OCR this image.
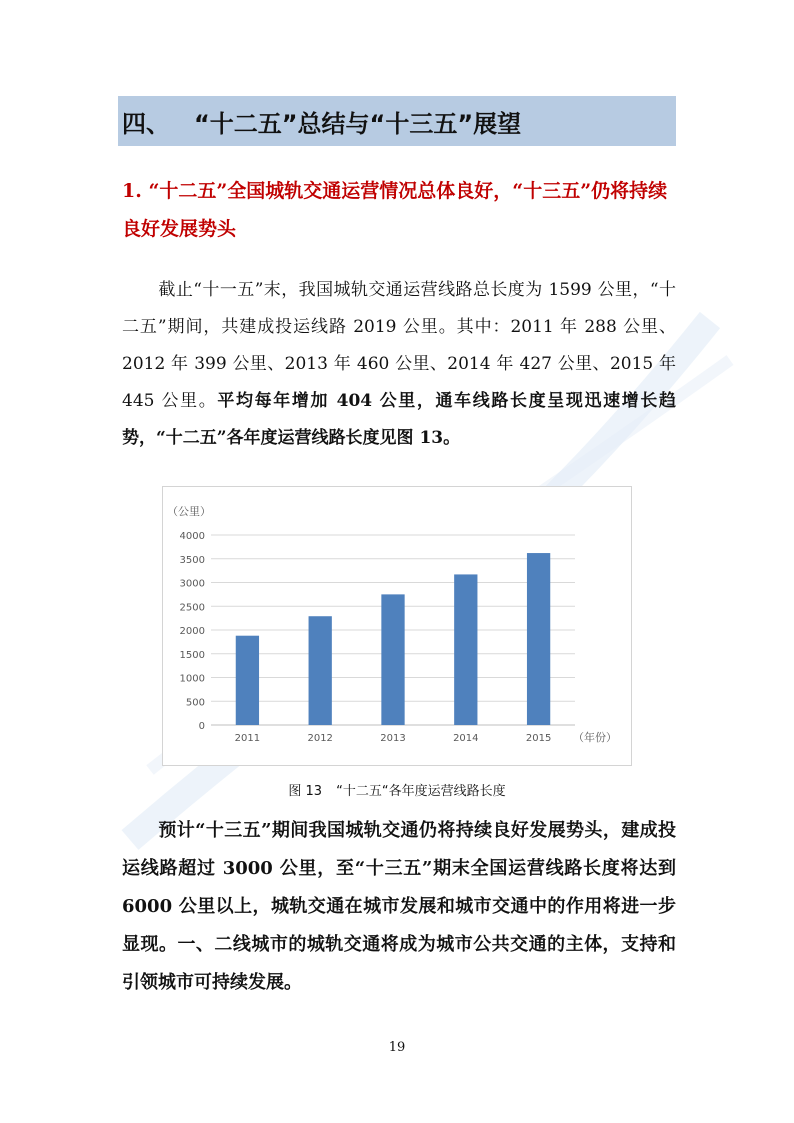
四、	“十二五”总结与“十三五”展望
1. “十二五”全国城轨交通运营情况总体良好，“十三五”仍将持续良好发展势头
截止“十一五”末，我国城轨交通运营线路总长度为 1599 公里，“十二五”期间，共建成投运线路 2019 公里。其中：2011 年 288 公里、2012 年 399 公里、2013 年 460 公里、2014 年 427 公里、2015 年 445 公里。平均每年增加 404 公里，通车线路长度呈现迅速增长趋势，“十二五”各年度运营线路长度见图 13。
（公里）
（年份）
0
500
1000
1500
2000
2500
3000
3500
4000
2011	2012	2013	2014	2015
图 13 “十二五“各年度运营线路长度
预计“十三五”期间我国城轨交通仍将持续良好发展势头，建成投运线路超过 3000 公里，至“十三五”期末全国运营线路长度将达到 6000 公里以上，城轨交通在城市发展和城市交通中的作用将进一步显现。一、二线城市的城轨交通将成为城市公共交通的主体，支持和引领城市可持续发展。
19
